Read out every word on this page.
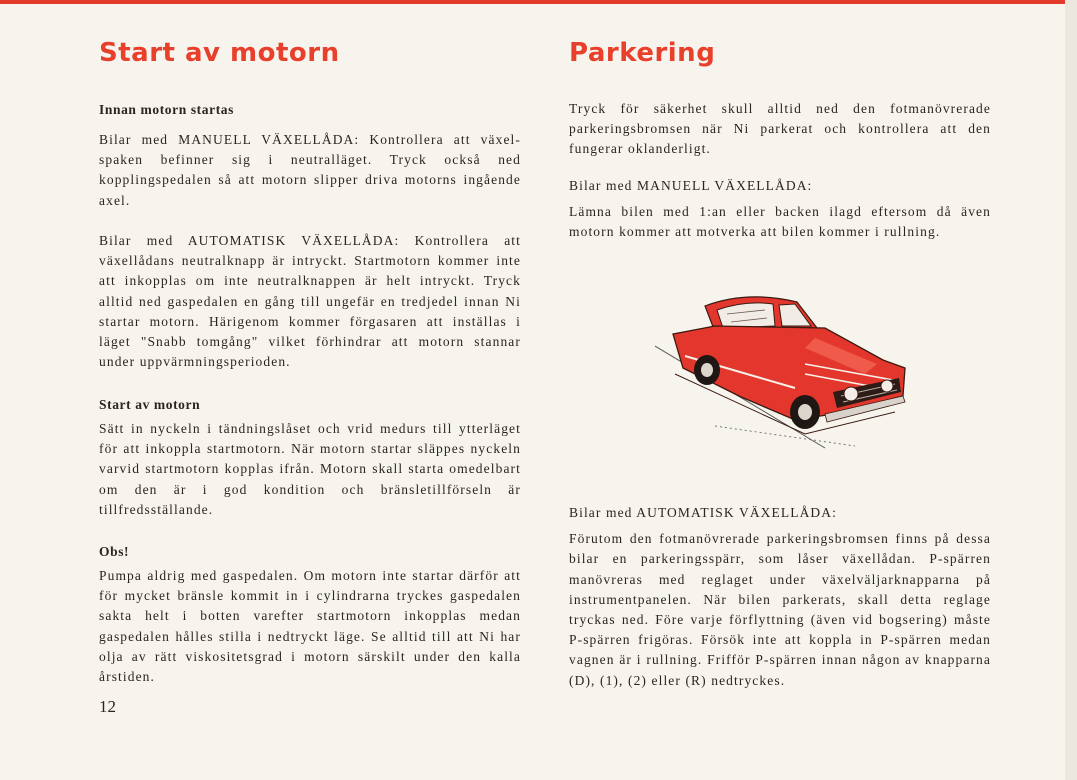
Start av motorn
Innan motorn startas

Bilar med MANUELL VÄXELLÅDA: Kontrollera att växel-spaken befinner sig i neutralläget. Tryck också ned kopplingspedalen så att motorn slipper driva motorns ingående axel.

Bilar med AUTOMATISK VÄXELLÅDA: Kontrollera att växellådans neutralknapp är intryckt. Startmotorn kommer inte att inkopplas om inte neutralknappen är helt intryckt. Tryck alltid ned gaspedalen en gång till ungefär en tredjedel innan Ni startar motorn. Härigenom kommer förgasaren att inställas i läget "Snabb tomgång" vilket förhindrar att motorn stannar under uppvärmningsperioden.

Start av motorn

Sätt in nyckeln i tändningslåset och vrid medurs till ytterläget för att inkoppla startmotorn. När motorn startar släppes nyckeln varvid startmotorn kopplas ifrån. Motorn skall starta omedelbart om den är i god kondition och bränsletillförseln är tillfredsställande.

Obs!

Pumpa aldrig med gaspedalen. Om motorn inte startar därför att för mycket bränsle kommit in i cylindrarna tryckes gaspedalen sakta helt i botten varefter startmotorn inkopplas medan gaspedalen hålles stilla i nedtryckt läge. Se alltid till att Ni har olja av rätt viskositetsgrad i motorn särskilt under den kalla årstiden.

12
Parkering

Tryck för säkerhet skull alltid ned den fotmanövrerade parkeringsbromsen när Ni parkerat och kontrollera att den fungerar oklanderligt.

Bilar med MANUELL VÄXELLÅDA:

Lämna bilen med 1:an eller backen ilagd eftersom då även motorn kommer att motverka att bilen kommer i rullning.

Bilar med AUTOMATISK VÄXELLÅDA:

Förutom den fotmanövrerade parkeringsbromsen finns på dessa bilar en parkeringsspärr, som låser växellådan. P-spärren manövreras med reglaget under växelväljarknapparna på instrumentpanelen. När bilen parkerats, skall detta reglage tryckas ned. Före varje förflyttning (även vid bogsering) måste P-spärren frigöras. Försök inte att koppla in P-spärren medan vagnen är i rullning. Frifför P-spärren innan någon av knapparna (D), (1), (2) eller (R) nedtryckes.
